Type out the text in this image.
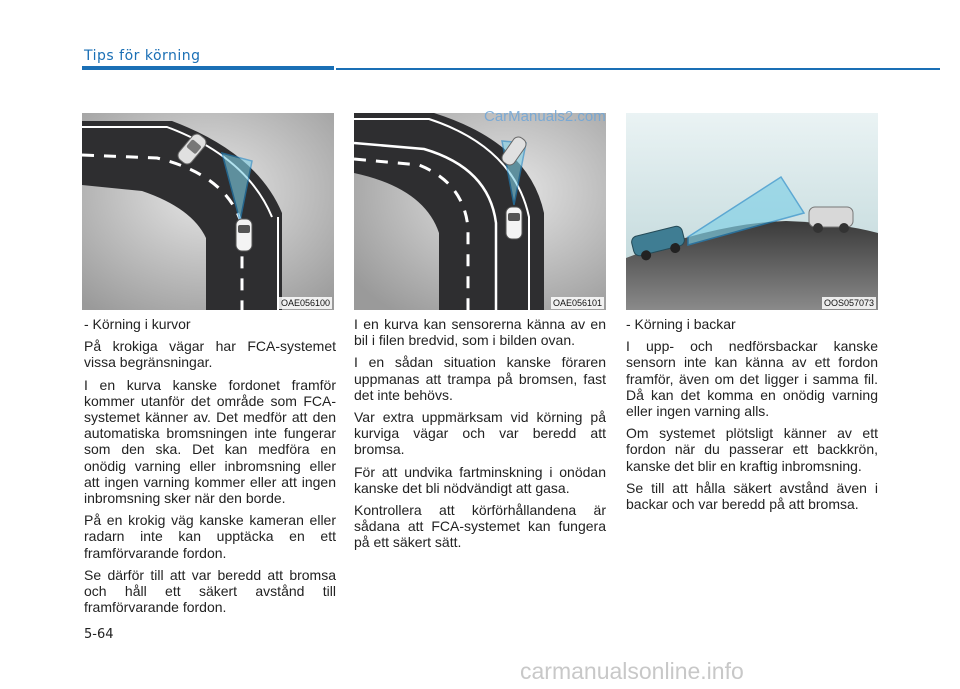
Tips för körning
OAE056100	OAE056101	OOS057073

- Körning i kurvor

På krokiga vägar har FCA-systemet vissa begränsningar.

I en kurva kanske fordonet framför kommer utanför det område som FCA-systemet känner av. Det medför att den automatiska bromsningen inte fungerar som den ska. Det kan medföra en onödig varning eller inbromsning eller att ingen varning kommer eller att ingen inbromsning sker när den borde.

På en krokig väg kanske kameran eller radarn inte kan upptäcka en ett framförvarande fordon.

Se därför till att var beredd att bromsa och håll ett säkert avstånd till framförvarande fordon.

I en kurva kan sensorerna känna av en bil i filen bredvid, som i bilden ovan.

I en sådan situation kanske föraren uppmanas att trampa på bromsen, fast det inte behövs.

Var extra uppmärksam vid körning på kurviga vägar och var beredd att bromsa.

För att undvika fartminskning i onödan kanske det bli nödvändigt att gasa.

Kontrollera att körförhållandena är sådana att FCA-systemet kan fungera på ett säkert sätt.

- Körning i backar

I upp- och nedförsbackar kanske sensorn inte kan känna av ett fordon framför, även om det ligger i samma fil. Då kan det komma en onödig varning eller ingen varning alls.

Om systemet plötsligt känner av ett fordon när du passerar ett backkrön, kanske det blir en kraftig inbromsning.

Se till att hålla säkert avstånd även i backar och var beredd på att bromsa.

5-64
CarManuals2.com
carmanualsonline.info
